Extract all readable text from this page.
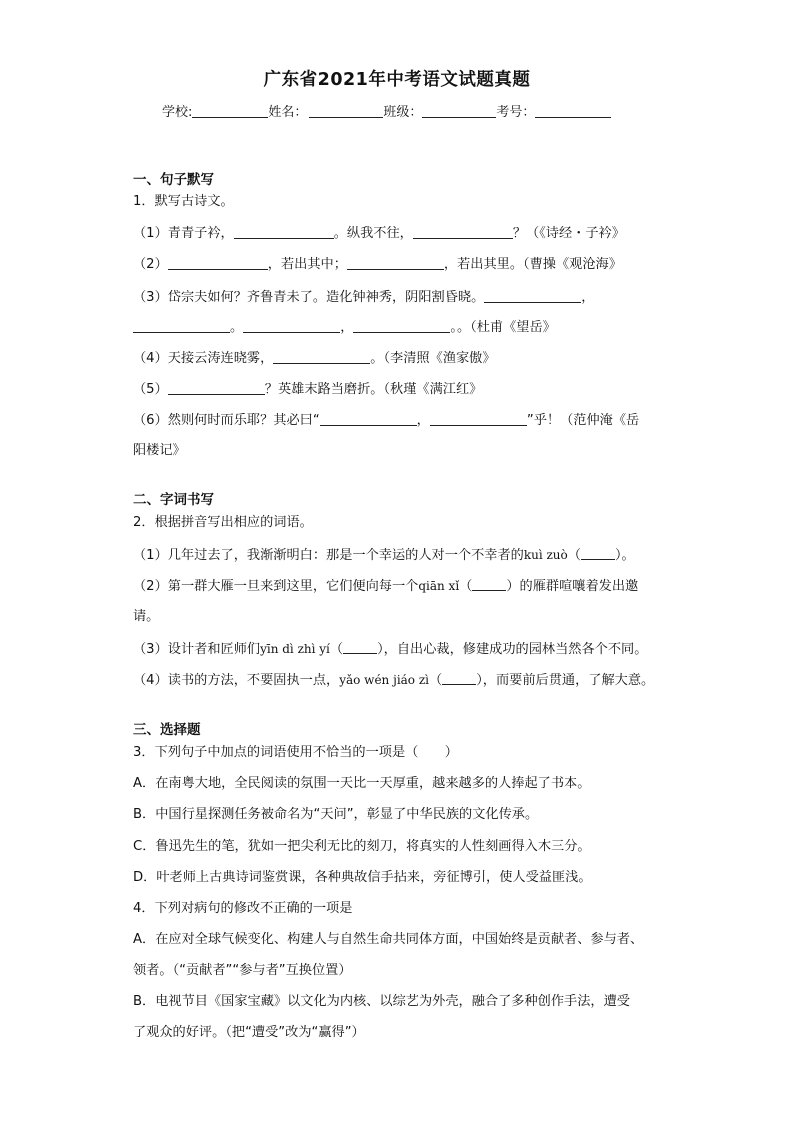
广东省2021年中考语文试题真题
学校:	姓名：	班级：	考号：
一、句子默写
1．默写古诗文。
（1）青青子衿，	。纵我不往，	？（《诗经・子衿》
（2）	，若出其中；	，若出其里。（曹操《观沧海》
（3）岱宗夫如何？齐鲁青未了。造化钟神秀，阴阳割昏晓。	，
。	，	。。（杜甫《望岳》
（4）天接云涛连晓雾，	。（李清照《渔家傲》
（5）	？英雄末路当磨折。（秋瑾《满江红》
（6）然则何时而乐耶？其必曰“	，	”乎！（范仲淹《岳
阳楼记》
二、字词书写
2．根据拼音写出相应的词语。
（1）几年过去了，我渐渐明白：那是一个幸运的人对一个不幸者的kuì zuò（	）。
（2）第一群大雁一旦来到这里，它们便向每一个qiān xǐ（	）的雁群喧嚷着发出邀
请。
（3）设计者和匠师们yīn dì zhì yí（	），自出心裁，修建成功的园林当然各个不同。
（4）读书的方法，不要固执一点，yǎo wén jiáo zì（	），而要前后贯通，了解大意。
三、选择题
3．下列句子中加点的词语使用不恰当的一项是（　　）
A．在南粤大地，全民阅读的氛围一天比一天厚重，越来越多的人捧起了书本。
B．中国行星探测任务被命名为“天问”，彰显了中华民族的文化传承。
C．鲁迅先生的笔，犹如一把尖利无比的刻刀，将真实的人性刻画得入木三分。
D．叶老师上古典诗词鉴赏课，各种典故信手拈来，旁征博引，使人受益匪浅。
4．下列对病句的修改不正确的一项是
A．在应对全球气候变化、构建人与自然生命共同体方面，中国始终是贡献者、参与者、
领者。（“贡献者”“参与者”互换位置）
B．电视节目《国家宝藏》以文化为内核、以综艺为外壳，融合了多种创作手法，遭受
了观众的好评。（把“遭受”改为“赢得”）
